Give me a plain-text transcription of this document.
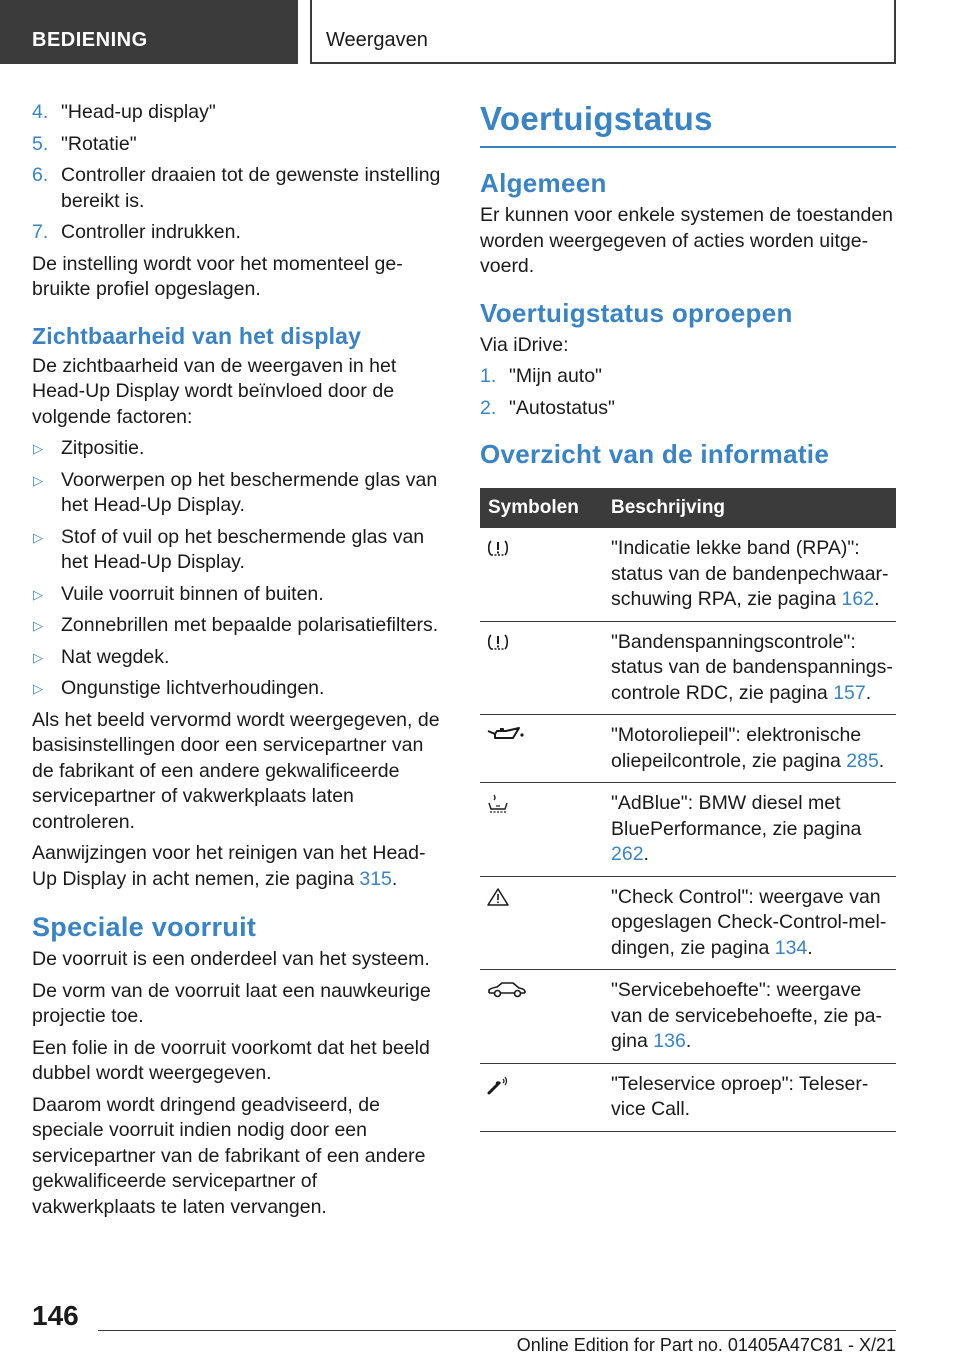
BEDIENING	Weergaven
4. "Head-up display"
5. "Rotatie"
6. Controller draaien tot de gewenste instelling bereikt is.
7. Controller indrukken.

De instelling wordt voor het momenteel gebruikte profiel opgeslagen.

Zichtbaarheid van het display

De zichtbaarheid van de weergaven in het Head-Up Display wordt beïnvloed door de volgende factoren:

▷ Zitpositie.
▷ Voorwerpen op het beschermende glas van het Head-Up Display.
▷ Stof of vuil op het beschermende glas van het Head-Up Display.
▷ Vuile voorruit binnen of buiten.
▷ Zonnebrillen met bepaalde polarisatiefilters.
▷ Nat wegdek.
▷ Ongunstige lichtverhoudingen.

Als het beeld vervormd wordt weergegeven, de basisinstellingen door een servicepartner van de fabrikant of een andere gekwalificeerde servicepartner of vakwerkplaats laten controleren.

Aanwijzingen voor het reinigen van het Head-Up Display in acht nemen, zie pagina 315.

Speciale voorruit

De voorruit is een onderdeel van het systeem.

De vorm van de voorruit laat een nauwkeurige projectie toe.

Een folie in de voorruit voorkomt dat het beeld dubbel wordt weergegeven.

Daarom wordt dringend geadviseerd, de speciale voorruit indien nodig door een servicepartner van de fabrikant of een andere gekwalificeerde servicepartner of vakwerkplaats te laten vervangen.

Voertuigstatus
Algemeen

Er kunnen voor enkele systemen de toestanden worden weergegeven of acties worden uitgevoerd.

Voertuigstatus oproepen

Via iDrive:

1. "Mijn auto"
2. "Autostatus"
Overzicht van de informatie
Symbolen	Beschrijving

	"Indicatie lekke band (RPA)": status van de bandenpechwaarschuwing RPA, zie pagina 162.

	"Bandenspanningscontrole": status van de bandenspanningscontrole RDC, zie pagina 157.

	"Motoroliepeil": elektronische oliepeilcontrole, zie pagina 285.

	"AdBlue": BMW diesel met BluePerformance, zie pagina 262.

	"Check Control": weergave van opgeslagen Check-Control-meldingen, zie pagina 134.

	"Servicebehoefte": weergave van de servicebehoefte, zie pagina 136.

	"Teleservice oproep": Teleservice Call.
146
Online Edition for Part no. 01405A47C81 - X/21
